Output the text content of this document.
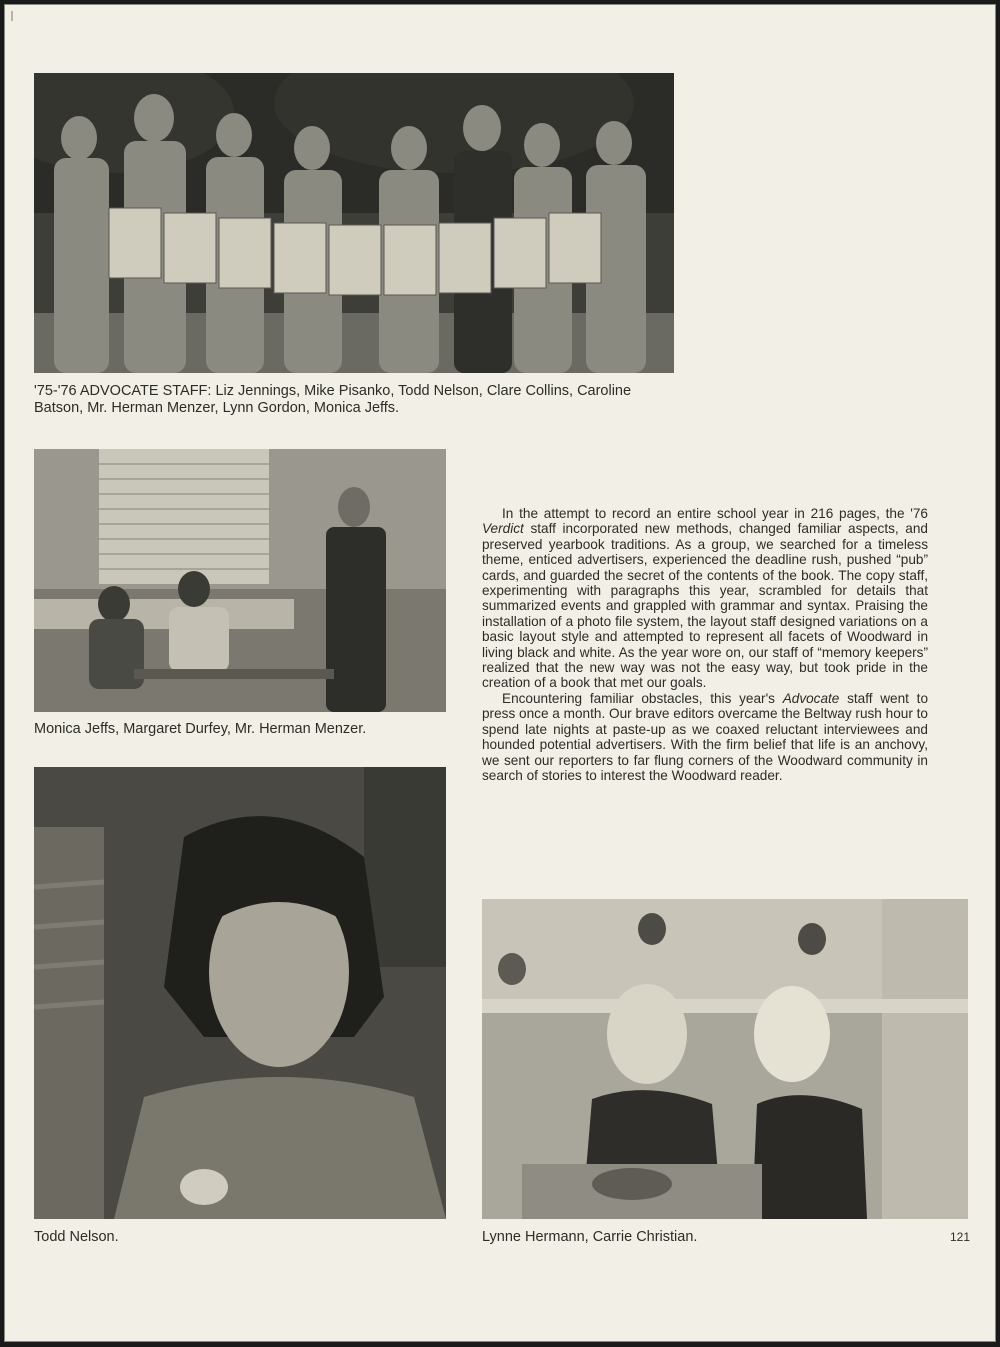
'75-'76 ADVOCATE STAFF: Liz Jennings, Mike Pisanko, Todd Nelson, Clare Collins, Caroline
Batson, Mr. Herman Menzer, Lynn Gordon, Monica Jeffs.
Monica Jeffs, Margaret Durfey, Mr. Herman Menzer.
Todd Nelson.

In the attempt to record an entire school year in 216 pages, the '76 Verdict staff incorporated new methods, changed familiar aspects, and preserved yearbook traditions. As a group, we searched for a timeless theme, enticed advertisers, experienced the deadline rush, pushed “pub” cards, and guarded the secret of the contents of the book. The copy staff, experimenting with paragraphs this year, scrambled for details that summarized events and grappled with grammar and syntax. Praising the installation of a photo file system, the layout staff designed variations on a basic layout style and attempted to represent all facets of Woodward in living black and white. As the year wore on, our staff of “memory keepers” realized that the new way was not the easy way, but took pride in the creation of a book that met our goals.

Encountering familiar obstacles, this year's Advocate staff went to press once a month. Our brave editors overcame the Beltway rush hour to spend late nights at paste-up as we coaxed reluctant interviewees and hounded potential advertisers. With the firm belief that life is an anchovy, we sent our reporters to far flung corners of the Woodward community in search of stories to interest the Woodward reader.

Lynne Hermann, Carrie Christian.	121
